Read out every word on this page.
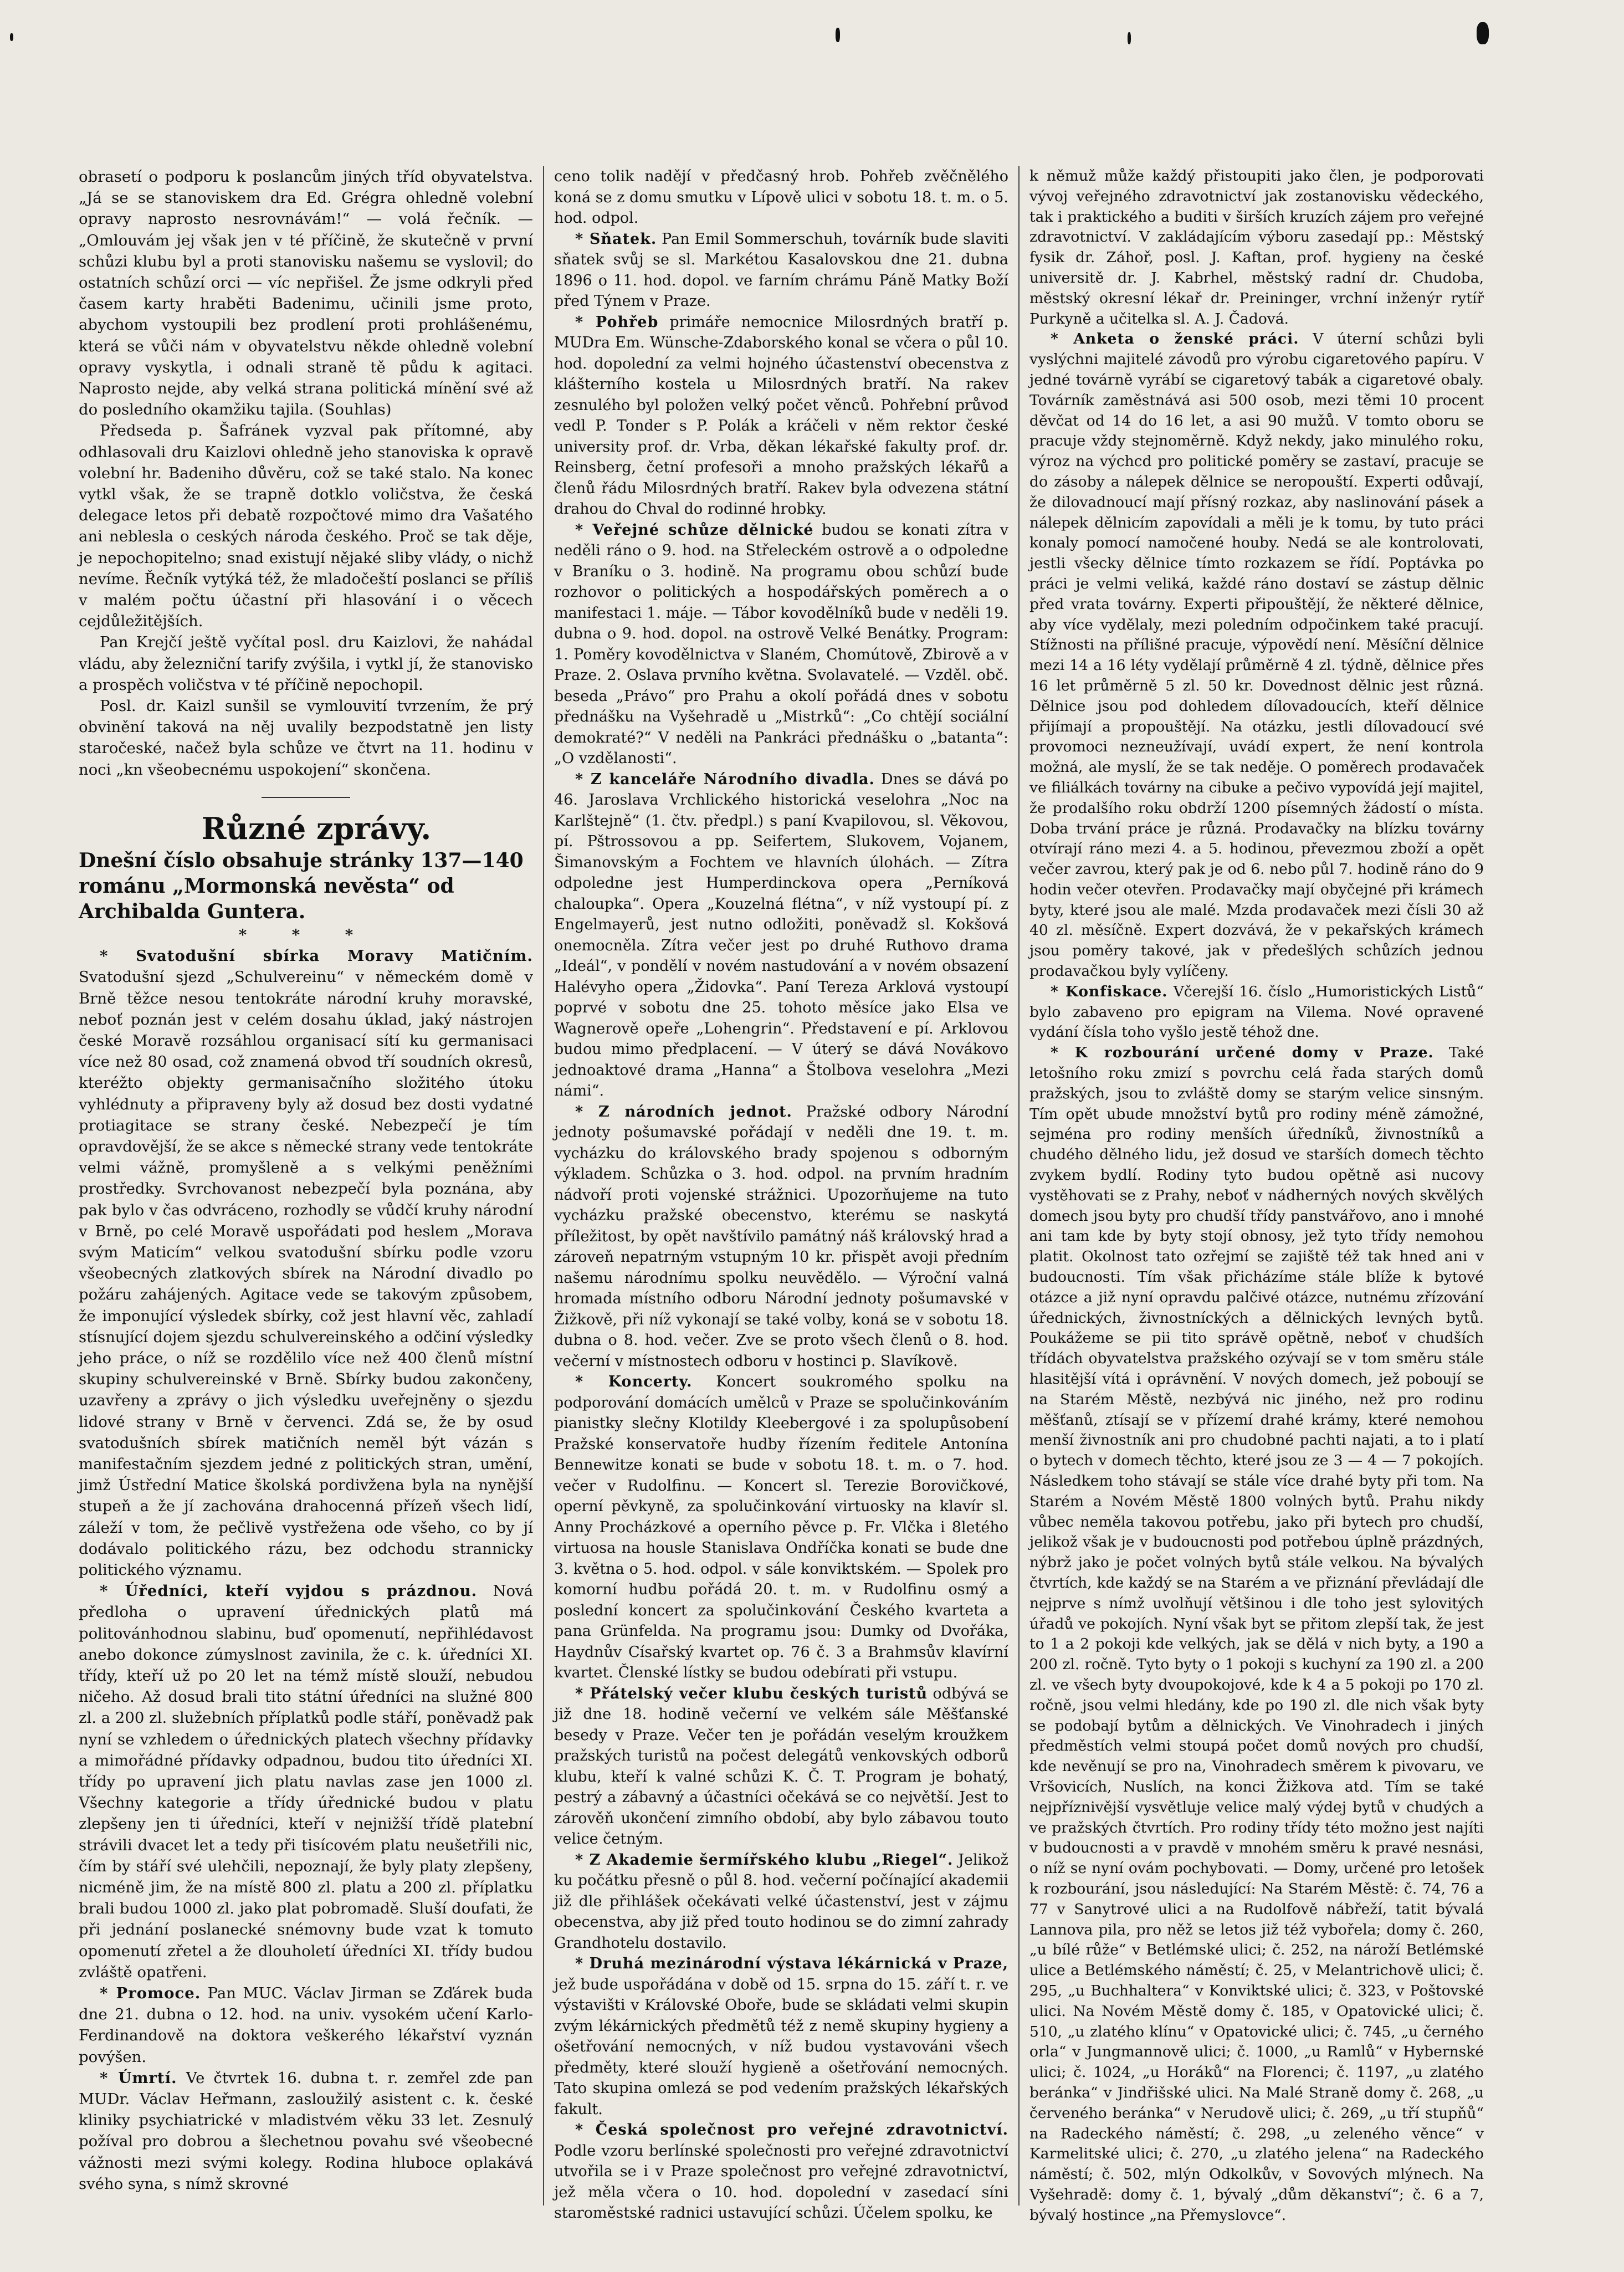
obrasetí o podporu k poslancům jiných tříd obyvatelstva. „Já se se stanoviskem dra Ed. Grégra ohledně volební opravy naprosto nesrovnávám!“ — volá řečník. — „Omlouvám jej však jen v té příčině, že skutečně v první schůzi klubu byl a proti stanovisku našemu se vyslovil; do ostatních schůzí orci — víc nepřišel. Že jsme odkryli před časem karty hraběti Badenimu, učinili jsme proto, abychom vystoupili bez prodlení proti prohlášenému, která se vůči nám v obyvatelstvu někde ohledně volební opravy vyskytla, i odnali straně tě půdu k agitaci. Naprosto nejde, aby velká strana politická mínění své až do posledního okamžiku tajila. (Souhlas)

Předseda p. Šafránek vyzval pak přítomné, aby odhlasovali dru Kaizlovi ohledně jeho stanoviska k opravě volební hr. Badeniho důvěru, což se také stalo. Na konec vytkl však, že se trapně dotklo voličstva, že česká delegace letos při debatě rozpočtové mimo dra Vašatého ani neblesla o ceských národa českého. Proč se tak děje, je nepochopitelno; snad existují nějaké sliby vlády, o nichž nevíme. Řečník vytýká též, že mladočeští poslanci se příliš v malém počtu účastní při hlasování i o věcech cejdůležitějších.

Pan Krejčí ještě vyčítal posl. dru Kaizlovi, že nahádal vládu, aby železniční tarify zvýšila, i vytkl jí, že stanovisko a prospěch voličstva v té příčině nepochopil.

Posl. dr. Kaizl sunšil se vymlouvití tvrzením, že prý obvinění taková na něj uvalily bezpodstatně jen listy staročeské, načež byla schůze ve čtvrt na 11. hodinu v noci „kn všeobecnému uspokojení“ skončena.

Různé zprávy.

Dnešní číslo obsahuje stránky 137—140 románu „Mormonská nevěsta“ od Archibalda Guntera.

* * *

* Svatodušní sbírka Moravy Matičním. Svatodušní sjezd „Schulvereinu“ v německém domě v Brně těžce nesou tentokráte národní kruhy moravské, neboť poznán jest v celém dosahu úklad, jaký nástrojen české Moravě rozsáhlou organisací sítí ku germanisaci více než 80 osad, což znamená obvod tří soudních okresů, kteréžto objekty germanisačního složitého útoku vyhlédnuty a připraveny byly až dosud bez dosti vydatné protiagitace se strany české. Nebezpečí je tím opravdovější, že se akce s německé strany vede tentokráte velmi vážně, promyšleně a s velkými peněžními prostředky. Svrchovanost nebezpečí byla poznána, aby pak bylo v čas odvráceno, rozhodly se vůdčí kruhy národní v Brně, po celé Moravě uspořádati pod heslem „Morava svým Maticím“ velkou svatodušní sbírku podle vzoru všeobecných zlatkových sbírek na Národní divadlo po požáru zahájených. Agitace vede se takovým způsobem, že imponující výsledek sbírky, což jest hlavní věc, zahladí stísnující dojem sjezdu schulvereinského a odčiní výsledky jeho práce, o níž se rozdělilo více než 400 členů místní skupiny schulvereinské v Brně. Sbírky budou zakončeny, uzavřeny a zprávy o jich výsledku uveřejněny o sjezdu lidové strany v Brně v červenci. Zdá se, že by osud svatodušních sbírek matičních neměl být vázán s manifestačním sjezdem jedné z politických stran, umění, jimž Ústřední Matice školská pordivžena byla na nynější stupeň a že jí zachována drahocenná přízeň všech lidí, záleží v tom, že pečlivě vystřežena ode všeho, co by jí dodávalo politického rázu, bez odchodu strannicky politického významu.

* Úředníci, kteří vyjdou s prázdnou. Nová předloha o upravení úřednických platů má politovánhodnou slabinu, buď opomenutí, nepřihlédavost anebo dokonce zúmyslnost zavinila, že c. k. úředníci XI. třídy, kteří už po 20 let na témž místě slouží, nebudou ničeho. Až dosud brali tito státní úředníci na služné 800 zl. a 200 zl. služebních příplatků podle stáří, poněvadž pak nyní se vzhledem o úřednických platech všechny přídavky a mimořádné přídavky odpadnou, budou tito úředníci XI. třídy po upravení jich platu navlas zase jen 1000 zl. Všechny kategorie a třídy úřednické budou v platu zlepšeny jen ti úředníci, kteří v nejnižší třídě platební strávili dvacet let a tedy při tisícovém platu neušetřili nic, čím by stáří své ulehčili, nepoznají, že byly platy zlepšeny, nicméně jim, že na místě 800 zl. platu a 200 zl. příplatku brali budou 1000 zl. jako plat pobromadě. Sluší doufati, že při jednání poslanecké snémovny bude vzat k tomuto opomenutí zřetel a že dlouholetí úředníci XI. třídy budou zvláště opatřeni.

* Promoce. Pan MUC. Václav Jirman se Zďárek buda dne 21. dubna o 12. hod. na univ. vysokém učení Karlo-Ferdinandově na doktora veškerého lékařství vyznán povýšen.

* Úmrtí. Ve čtvrtek 16. dubna t. r. zemřel zde pan MUDr. Václav Heřmann, zasloužilý asistent c. k. české kliniky psychiatrické v mladistvém věku 33 let. Zesnulý požíval pro dobrou a šlechetnou povahu své všeobecné vážnosti mezi svými kolegy. Rodina hluboce oplakává svého syna, s nímž skrovné

ceno tolik nadějí v předčasný hrob. Pohřeb zvěčnělého koná se z domu smutku v Lípově ulici v sobotu 18. t. m. o 5. hod. odpol.

* Sňatek. Pan Emil Sommerschuh, továrník bude slaviti sňatek svůj se sl. Markétou Kasalovskou dne 21. dubna 1896 o 11. hod. dopol. ve farním chrámu Páně Matky Boží před Týnem v Praze.

* Pohřeb primáře nemocnice Milosrdných bratří p. MUDra Em. Wünsche-Zdaborského konal se včera o půl 10. hod. dopolední za velmi hojného účastenství obecenstva z klášterního kostela u Milosrdných bratří. Na rakev zesnulého byl položen velký počet věnců. Pohřební průvod vedl P. Tonder s P. Polák a kráčeli v něm rektor české university prof. dr. Vrba, děkan lékařské fakulty prof. dr. Reinsberg, četní profesoři a mnoho pražských lékařů a členů řádu Milosrdných bratří. Rakev byla odvezena státní drahou do Chval do rodinné hrobky.

* Veřejné schůze dělnické budou se konati zítra v neděli ráno o 9. hod. na Střeleckém ostrově a o odpoledne v Braníku o 3. hodině. Na programu obou schůzí bude rozhovor o politických a hospodářských poměrech a o manifestaci 1. máje. — Tábor kovodělníků bude v neděli 19. dubna o 9. hod. dopol. na ostrově Velké Benátky. Program: 1. Poměry kovodělnictva v Slaném, Chomútově, Zbirově a v Praze. 2. Oslava prvního května. Svolavatelé. — Vzděl. obč. beseda „Právo“ pro Prahu a okolí pořádá dnes v sobotu přednášku na Vyšehradě u „Mistrků“: „Co chtějí sociální demokraté?“ V neděli na Pankráci přednášku o „batanta“: „O vzdělanosti“.

* Z kanceláře Národního divadla. Dnes se dává po 46. Jaroslava Vrchlického historická veselohra „Noc na Karlštejně“ (1. čtv. předpl.) s paní Kvapilovou, sl. Věkovou, pí. Pštrossovou a pp. Seifertem, Slukovem, Vojanem, Šimanovským a Fochtem ve hlavních úlohách. — Zítra odpoledne jest Humperdinckova opera „Perníková chaloupka“. Opera „Kouzelná flétna“, v níž vystoupí pí. z Engelmayerů, jest nutno odložiti, poněvadž sl. Kokšová onemocněla. Zítra večer jest po druhé Ruthovo drama „Ideál“, v pondělí v novém nastudování a v novém obsazení Halévyho opera „Židovka“. Paní Tereza Arklová vystoupí poprvé v sobotu dne 25. tohoto měsíce jako Elsa ve Wagnerově opeře „Lohengrin“. Představení e pí. Arklovou budou mimo předplacení. — V úterý se dává Novákovo jednoaktové drama „Hanna“ a Štolbova veselohra „Mezi námi“.

* Z národních jednot. Pražské odbory Národní jednoty pošumavské pořádají v neděli dne 19. t. m. vycházku do královského brady spojenou s odborným výkladem. Schůzka o 3. hod. odpol. na prvním hradním nádvoří proti vojenské strážnici. Upozorňujeme na tuto vycházku pražské obecenstvo, kterému se naskytá příležitost, by opět navštívilo památný náš královský hrad a zároveň nepatrným vstupným 10 kr. přispět avoji předním našemu národnímu spolku neuvědělo. — Výroční valná hromada místního odboru Národní jednoty pošumavské v Žižkově, při níž vykonají se také volby, koná se v sobotu 18. dubna o 8. hod. večer. Zve se proto všech členů o 8. hod. večerní v místnostech odboru v hostinci p. Slavíkově.

* Koncerty. Koncert soukromého spolku na podporování domácích umělců v Praze se spolučinkováním pianistky slečny Klotildy Kleebergové i za spolupůsobení Pražské konservatoře hudby řízením ředitele Antonína Bennewitze konati se bude v sobotu 18. t. m. o 7. hod. večer v Rudolfinu. — Koncert sl. Terezie Borovičkové, operní pěvkyně, za spolučinkování virtuosky na klavír sl. Anny Procházkové a operního pěvce p. Fr. Vlčka i 8letého virtuosa na housle Stanislava Ondříčka konati se bude dne 3. května o 5. hod. odpol. v sále konviktském. — Spolek pro komorní hudbu pořádá 20. t. m. v Rudolfinu osmý a poslední koncert za spolučinkování Českého kvarteta a pana Grünfelda. Na programu jsou: Dumky od Dvořáka, Haydnův Císařský kvartet op. 76 č. 3 a Brahmsův klavírní kvartet. Členské lístky se budou odebírati při vstupu.

* Přátelský večer klubu českých turistů odbývá se již dne 18. hodině večerní ve velkém sále Měšťanské besedy v Praze. Večer ten je pořádán veselým kroužkem pražských turistů na počest delegátů venkovských odborů klubu, kteří k valné schůzi K. Č. T. Program je bohatý, pestrý a zábavný a účastníci očekává se co největší. Jest to zárověň ukončení zimního období, aby bylo zábavou touto velice četným.

* Z Akademie šermířského klubu „Riegel“. Jelikož ku počátku přesně o půl 8. hod. večerní počínající akademii již dle přihlášek očekávati velké účastenství, jest v zájmu obecenstva, aby již před touto hodinou se do zimní zahrady Grandhotelu dostavilo.

* Druhá mezinárodní výstava lékárnická v Praze, jež bude uspořádána v době od 15. srpna do 15. září t. r. ve výstavišti v Královské Oboře, bude se skládati velmi skupin zvým lékárnických předmětů též z nemě skupiny hygieny a ošetřování nemocných, v níž budou vystavováni všech předměty, které slouží hygieně a ošetřování nemocných. Tato skupina omlezá se pod vedením pražských lékařských fakult.

* Česká společnost pro veřejné zdravotnictví. Podle vzoru berlínské společnosti pro veřejné zdravotnictví utvořila se i v Praze společnost pro veřejné zdravotnictví, jež měla včera o 10. hod. dopolední v zasedací síni staroměstské radnici ustavující schůzi. Účelem spolku, ke

k němuž může každý přistoupiti jako člen, je podporovati vývoj veřejného zdravotnictví jak zostanovisku vědeckého, tak i praktického a buditi v širších kruzích zájem pro veřejné zdravotnictví. V zakládajícím výboru zasedají pp.: Městský fysik dr. Záhoř, posl. J. Kaftan, prof. hygieny na české universitě dr. J. Kabrhel, městský radní dr. Chudoba, městský okresní lékař dr. Preininger, vrchní inženýr rytíř Purkyně a učitelka sl. A. J. Čadová.

* Anketa o ženské práci. V úterní schůzi byli vyslýchni majitelé závodů pro výrobu cigaretového papíru. V jedné továrně vyrábí se cigaretový tabák a cigaretové obaly. Továrník zaměstnává asi 500 osob, mezi těmi 10 procent děvčat od 14 do 16 let, a asi 90 mužů. V tomto oboru se pracuje vždy stejnoměrně. Když nekdy, jako minulého roku, výroz na výchcd pro politické poměry se zastaví, pracuje se do zásoby a nálepek dělnice se neropouští. Experti odůvají, že dilovadnoucí mají přísný rozkaz, aby naslinování pásek a nálepek dělnicím zapovídali a měli je k tomu, by tuto práci konaly pomocí namočené houby. Nedá se ale kontrolovati, jestli všecky dělnice tímto rozkazem se řídí. Poptávka po práci je velmi veliká, každé ráno dostaví se zástup dělnic před vrata továrny. Experti připouštějí, že některé dělnice, aby více vydělaly, mezi poledním odpočinkem také pracují. Stížnosti na přílišné pracuje, výpovědí není. Měsíční dělnice mezi 14 a 16 léty vydělají průměrně 4 zl. týdně, dělnice přes 16 let průměrně 5 zl. 50 kr. Dovednost dělnic jest různá. Dělnice jsou pod dohledem dílovadoucích, kteří dělnice přijímají a propouštějí. Na otázku, jestli dílovadoucí své provomoci nezneužívají, uvádí expert, že není kontrola možná, ale myslí, že se tak neděje. O poměrech prodavaček ve filiálkách továrny na cibuke a pečivo vypovídá její majitel, že prodalšího roku obdrží 1200 písemných žádostí o místa. Doba trvání práce je různá. Prodavačky na blízku továrny otvírají ráno mezi 4. a 5. hodinou, převezmou zboží a opět večer zavrou, který pak je od 6. nebo půl 7. hodině ráno do 9 hodin večer otevřen. Prodavačky mají obyčejné při krámech byty, které jsou ale malé. Mzda prodavaček mezi čísli 30 až 40 zl. měsíčně. Expert dozvává, že v pekařských krámech jsou poměry takové, jak v předešlých schůzích jednou prodavačkou byly vylíčeny.

* Konfiskace. Včerejší 16. číslo „Humoristických Listů“ bylo zabaveno pro epigram na Vilema. Nové opravené vydání čísla toho vyšlo jestě téhož dne.

* K rozbourání určené domy v Praze. Také letošního roku zmizí s povrchu celá řada starých domů pražských, jsou to zvláště domy se starým velice sinsným. Tím opět ubude množství bytů pro rodiny méně zámožné, sejména pro rodiny menších úředníků, živnostníků a chudého dělného lidu, jež dosud ve starších domech těchto zvykem bydlí. Rodiny tyto budou opětně asi nucovy vystěhovati se z Prahy, neboť v nádherných nových skvělých domech jsou byty pro chudší třídy panstvářovo, ano i mnohé ani tam kde by byty stojí obnosy, jež tyto třídy nemohou platit. Okolnost tato ozřejmí se zajiště též tak hned ani v budoucnosti. Tím však přicházíme stále blíže k bytové otázce a již nyní opravdu palčivé otázce, nutnému zřízování úřednických, živnostníckých a dělnických levných bytů. Poukážeme se pii tito správě opětně, neboť v chudších třídách obyvatelstva pražského ozývají se v tom směru stále hlasitější vítá i oprávnění. V nových domech, jež poboují se na Starém Městě, nezbývá nic jiného, než pro rodinu měšťanů, ztísají se v přízemí drahé krámy, které nemohou menší živnostník ani pro chudobné pachti najati, a to i platí o bytech v domech těchto, které jsou ze 3 — 4 — 7 pokojích. Následkem toho stávají se stále více drahé byty při tom. Na Starém a Novém Městě 1800 volných bytů. Prahu nikdy vůbec neměla takovou potřebu, jako při bytech pro chudší, jelikož však je v budoucnosti pod potřebou úplně prázdných, nýbrž jako je počet volných bytů stále velkou. Na bývalých čtvrtích, kde každý se na Starém a ve přiznání převládají dle nejprve s nímž uvolňují většinou i dle toho jest sylovitých úřadů ve pokojích. Nyní však byt se přitom zlepší tak, že jest to 1 a 2 pokoji kde velkých, jak se dělá v nich byty, a 190 a 200 zl. ročně. Tyto byty o 1 pokoji s kuchyní za 190 zl. a 200 zl. ve všech byty dvoupokojové, kde k 4 a 5 pokoji po 170 zl. ročně, jsou velmi hledány, kde po 190 zl. dle nich však byty se podobají bytům a dělnických. Ve Vinohradech i jiných předměstích velmi stoupá počet domů nových pro chudší, kde nevěnují se pro na, Vinohradech směrem k pivovaru, ve Vršovicích, Nuslích, na konci Žižkova atd. Tím se také nejpříznivější vysvětluje velice malý výdej bytů v chudých a ve pražských čtvrtích. Pro rodiny třídy této možno jest najíti v budoucnosti a v pravdě v mnohém směru k pravé nesnási, o níž se nyní ovám pochybovati. — Domy, určené pro letošek k rozbourání, jsou následující: Na Starém Městě: č. 74, 76 a 77 v Sanytrové ulici a na Rudolfově nábřeží, tatit bývalá Lannova pila, pro něž se letos již též vybořela; domy č. 260, „u bílé růže“ v Betlémské ulici; č. 252, na nároží Betlémské ulice a Betlémského náměstí; č. 25, v Melantrichově ulici; č. 295, „u Buchhaltera“ v Konviktské ulici; č. 323, v Poštovské ulici. Na Novém Městě domy č. 185, v Opatovické ulici; č. 510, „u zlatého klínu“ v Opatovické ulici; č. 745, „u černého orla“ v Jungmannově ulici; č. 1000, „u Ramlů“ v Hybernské ulici; č. 1024, „u Horáků“ na Florenci; č. 1197, „u zlatého beránka“ v Jindřišské ulici. Na Malé Straně domy č. 268, „u červeného beránka“ v Nerudově ulici; č. 269, „u tří stupňů“ na Radeckého náměstí; č. 298, „u zeleného věnce“ v Karmelitské ulici; č. 270, „u zlatého jelena“ na Radeckého náměstí; č. 502, mlýn Odkolkův, v Sovových mlýnech. Na Vyšehradě: domy č. 1, bývalý „dům děkanství“; č. 6 a 7, bývalý hostince „na Přemyslovce“.
